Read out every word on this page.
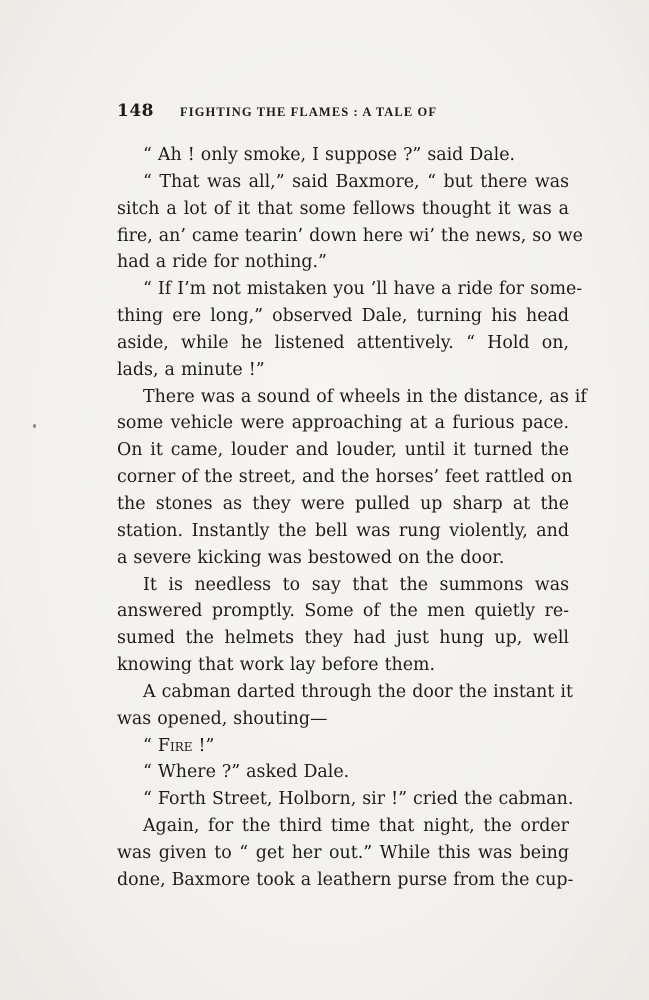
148 FIGHTING THE FLAMES : A TALE OF
“ Ah ! only smoke, I suppose ?” said Dale.
“ That was all,” said Baxmore, “ but there was
sitch a lot of it that some fellows thought it was a
fire, an’ came tearin’ down here wi’ the news, so we
had a ride for nothing.”
“ If I’m not mistaken you ’ll have a ride for some-
thing ere long,” observed Dale, turning his head
aside, while he listened attentively. “ Hold on,
lads, a minute !”
There was a sound of wheels in the distance, as if
some vehicle were approaching at a furious pace.
On it came, louder and louder, until it turned the
corner of the street, and the horses’ feet rattled on
the stones as they were pulled up sharp at the
station. Instantly the bell was rung violently, and
a severe kicking was bestowed on the door.
It is needless to say that the summons was
answered promptly. Some of the men quietly re-
sumed the helmets they had just hung up, well
knowing that work lay before them.
A cabman darted through the door the instant it
was opened, shouting—
“ Fire !”
“ Where ?” asked Dale.
“ Forth Street, Holborn, sir !” cried the cabman.
Again, for the third time that night, the order
was given to “ get her out.” While this was being
done, Baxmore took a leathern purse from the cup-
